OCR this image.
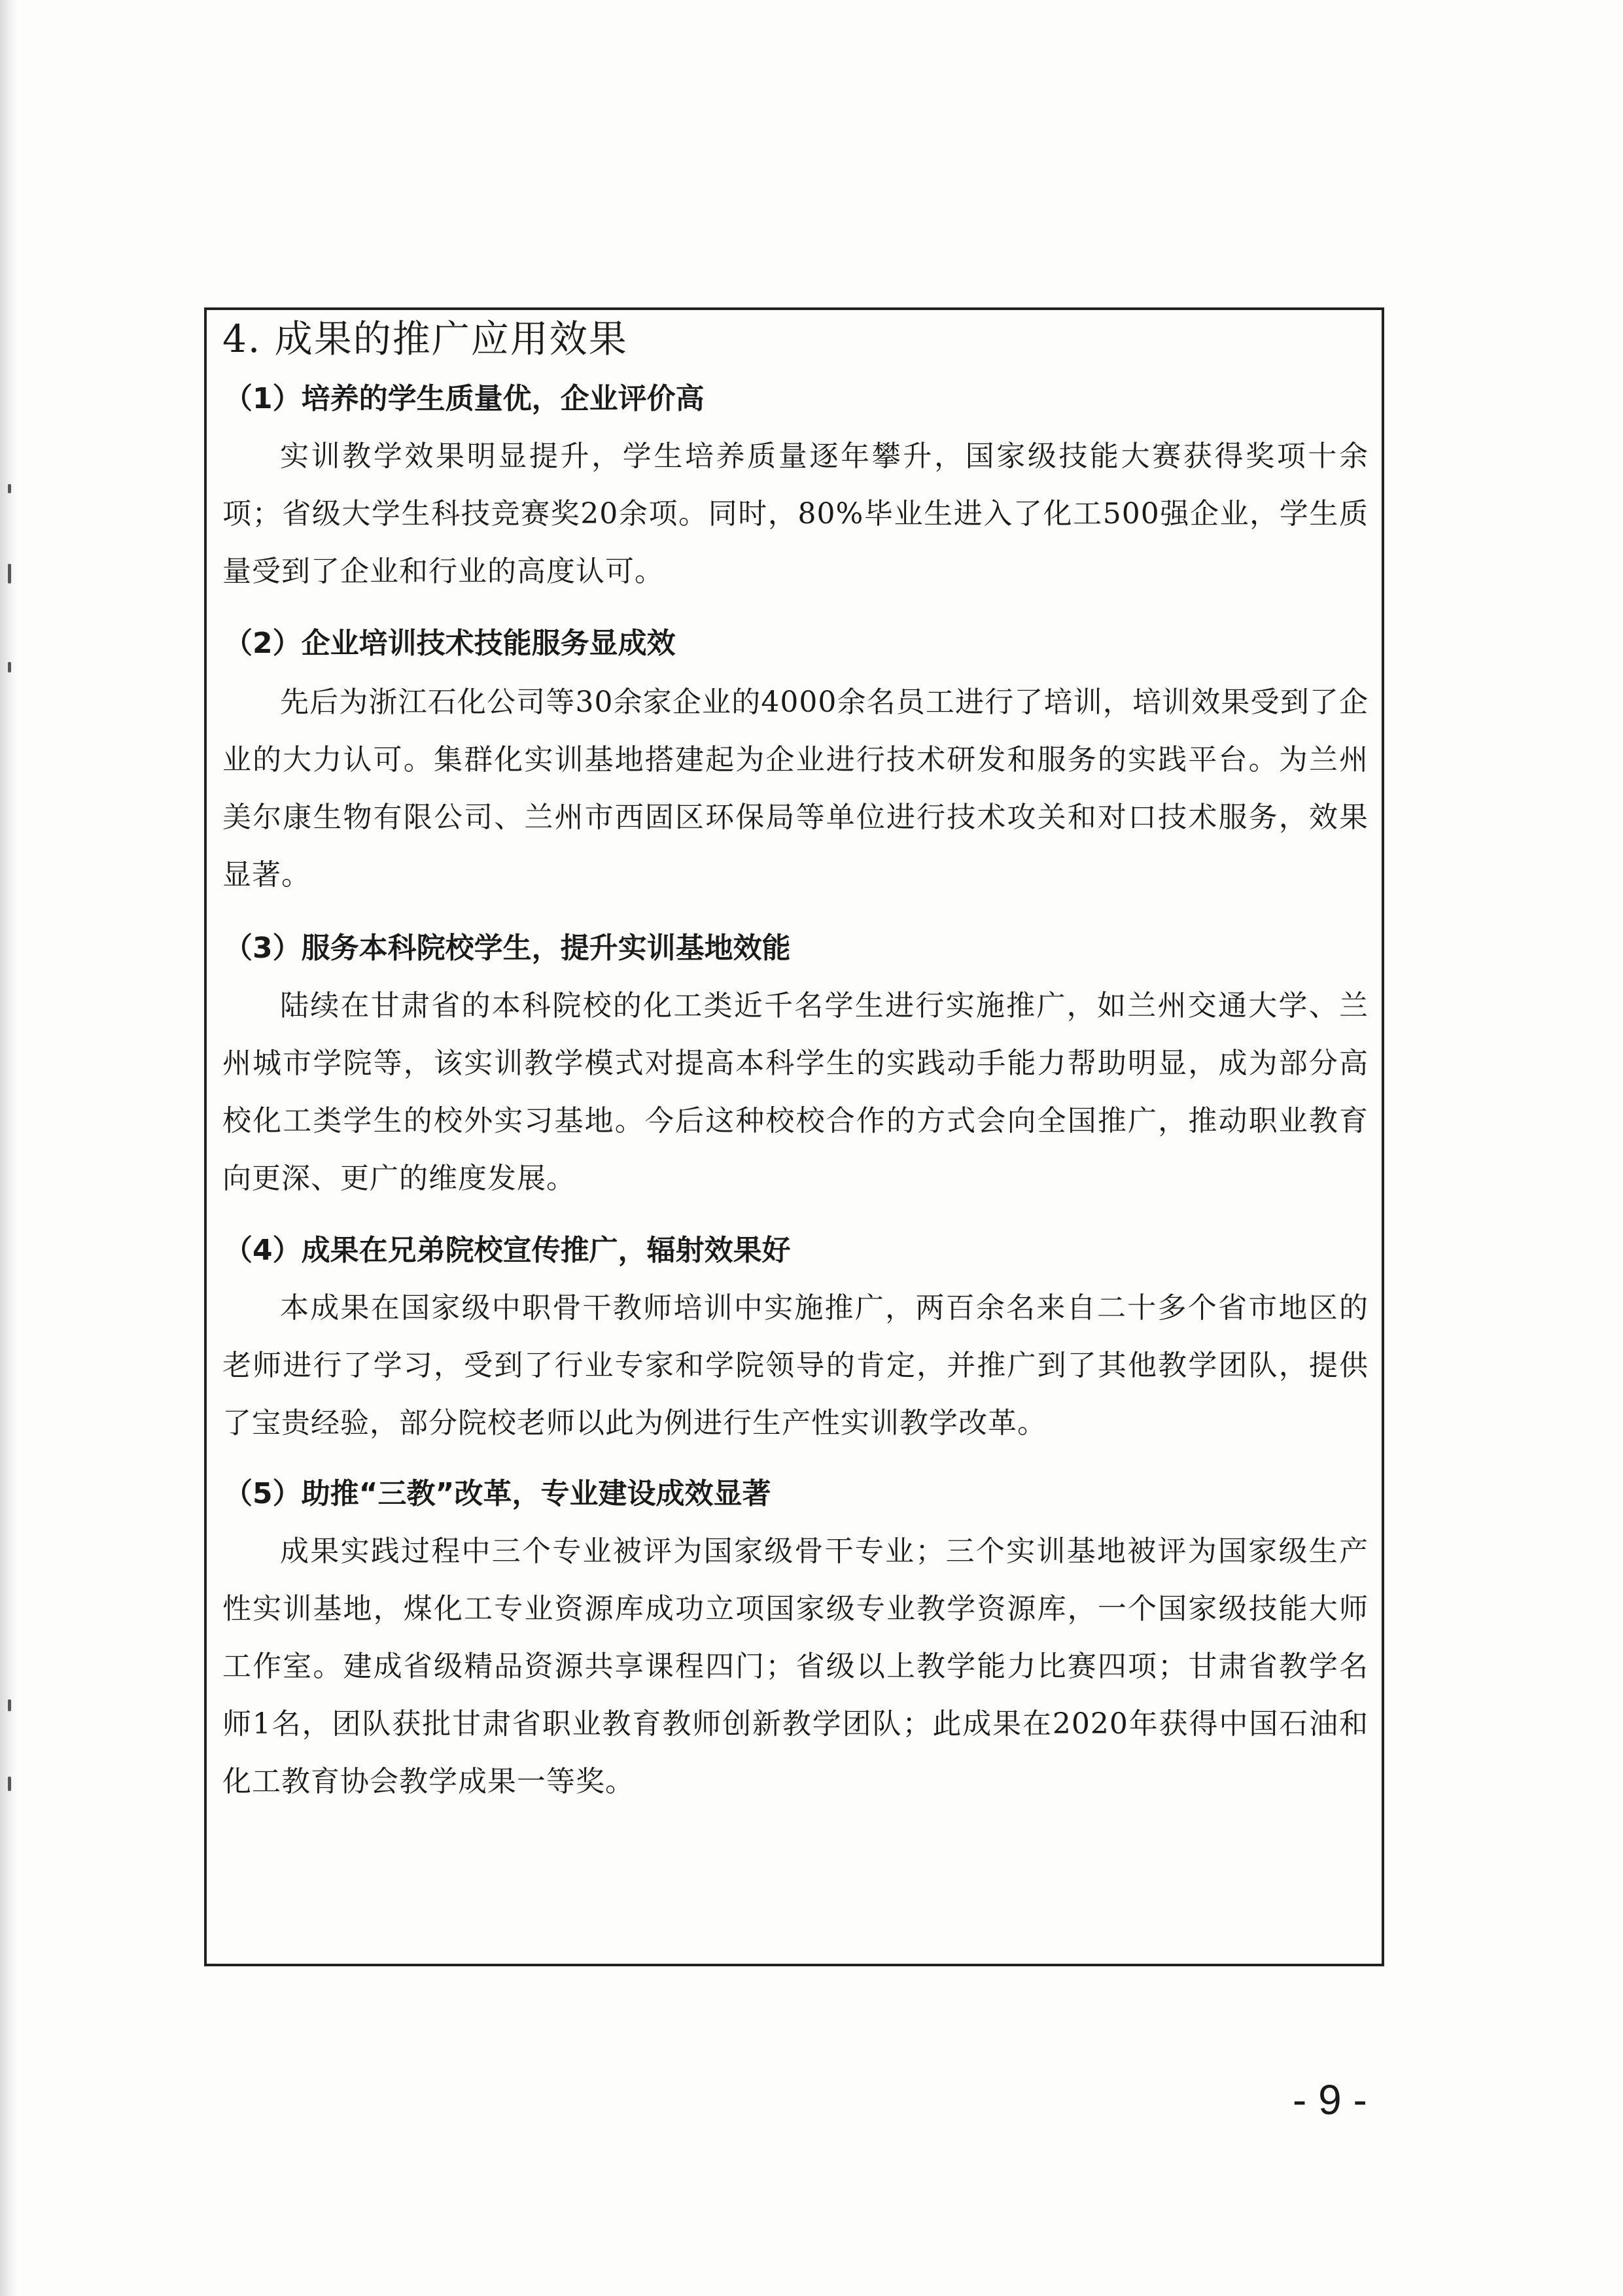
4. 成果的推广应用效果
（1）培养的学生质量优，企业评价高
实训教学效果明显提升，学生培养质量逐年攀升，国家级技能大赛获得奖项十余项；省级大学生科技竞赛奖20余项。同时，80%毕业生进入了化工500强企业，学生质量受到了企业和行业的高度认可。
（2）企业培训技术技能服务显成效
先后为浙江石化公司等30余家企业的4000余名员工进行了培训，培训效果受到了企业的大力认可。集群化实训基地搭建起为企业进行技术研发和服务的实践平台。为兰州美尔康生物有限公司、兰州市西固区环保局等单位进行技术攻关和对口技术服务，效果显著。
（3）服务本科院校学生，提升实训基地效能
陆续在甘肃省的本科院校的化工类近千名学生进行实施推广，如兰州交通大学、兰州城市学院等，该实训教学模式对提高本科学生的实践动手能力帮助明显，成为部分高校化工类学生的校外实习基地。今后这种校校合作的方式会向全国推广，推动职业教育向更深、更广的维度发展。
（4）成果在兄弟院校宣传推广，辐射效果好
本成果在国家级中职骨干教师培训中实施推广，两百余名来自二十多个省市地区的老师进行了学习，受到了行业专家和学院领导的肯定，并推广到了其他教学团队，提供了宝贵经验，部分院校老师以此为例进行生产性实训教学改革。
（5）助推“三教”改革，专业建设成效显著
成果实践过程中三个专业被评为国家级骨干专业；三个实训基地被评为国家级生产性实训基地，煤化工专业资源库成功立项国家级专业教学资源库，一个国家级技能大师工作室。建成省级精品资源共享课程四门；省级以上教学能力比赛四项；甘肃省教学名师1名，团队获批甘肃省职业教育教师创新教学团队；此成果在2020年获得中国石油和化工教育协会教学成果一等奖。
- 9 -
